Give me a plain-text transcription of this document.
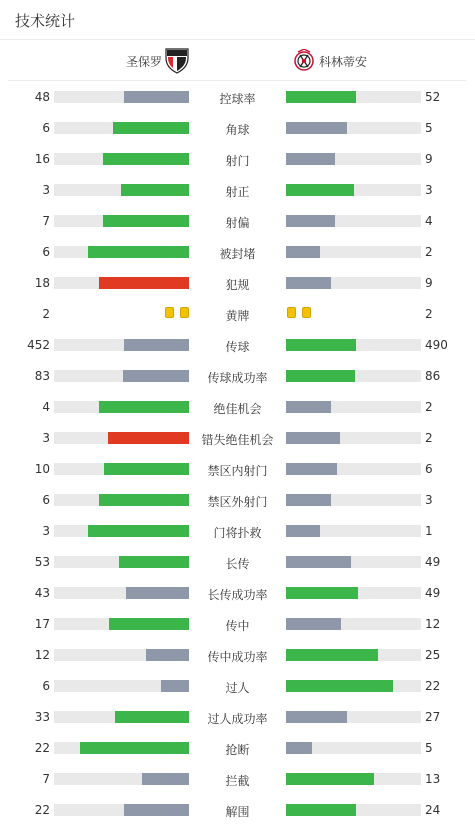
技术统计
圣保罗	科林蒂安
48	控球率	52
6	角球	5
16	射门	9
3	射正	3
7	射偏	4
6	被封堵	2
18	犯规	9
2	黄牌	2
452	传球	490
83	传球成功率	86
4	绝佳机会	2
3	错失绝佳机会	2
10	禁区内射门	6
6	禁区外射门	3
3	门将扑救	1
53	长传	49
43	长传成功率	49
17	传中	12
12	传中成功率	25
6	过人	22
33	过人成功率	27
22	抢断	5
7	拦截	13
22	解围	24
